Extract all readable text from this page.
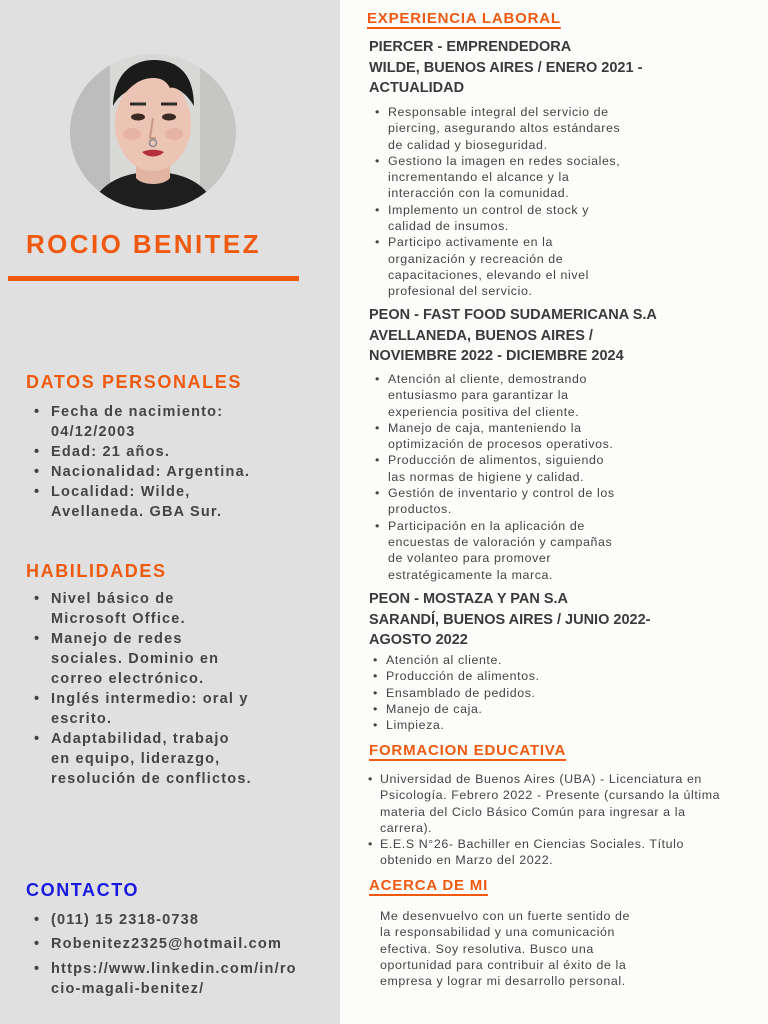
ROCIO BENITEZ
DATOS PERSONALES
• Fecha de nacimiento:
04/12/2003
• Edad: 21 años.
• Nacionalidad: Argentina.
• Localidad: Wilde,
Avellaneda. GBA Sur.
HABILIDADES
• Nivel básico de
Microsoft Office.
• Manejo de redes
sociales. Dominio en
correo electrónico.
• Inglés intermedio: oral y
escrito.
• Adaptabilidad, trabajo
en equipo, liderazgo,
resolución de conflictos.
CONTACTO
• (011) 15 2318-0738
• Robenitez2325@hotmail.com
• https://www.linkedin.com/in/ro
cio-magali-benitez/
EXPERIENCIA LABORAL
PIERCER - EMPRENDEDORA
WILDE, BUENOS AIRES / ENERO 2021 -
ACTUALIDAD
• Responsable integral del servicio de
piercing, asegurando altos estándares
de calidad y bioseguridad.
• Gestiono la imagen en redes sociales,
incrementando el alcance y la
interacción con la comunidad.
• Implemento un control de stock y
calidad de insumos.
• Participo activamente en la
organización y recreación de
capacitaciones, elevando el nivel
profesional del servicio.
PEON - FAST FOOD SUDAMERICANA S.A
AVELLANEDA, BUENOS AIRES /
NOVIEMBRE 2022 - DICIEMBRE 2024
• Atención al cliente, demostrando
entusiasmo para garantizar la
experiencia positiva del cliente.
• Manejo de caja, manteniendo la
optimización de procesos operativos.
• Producción de alimentos, siguiendo
las normas de higiene y calidad.
• Gestión de inventario y control de los
productos.
• Participación en la aplicación de
encuestas de valoración y campañas
de volanteo para promover
estratégicamente la marca.
PEON - MOSTAZA Y PAN S.A
SARANDÍ, BUENOS AIRES / JUNIO 2022-
AGOSTO 2022
• Atención al cliente.
• Producción de alimentos.
• Ensamblado de pedidos.
• Manejo de caja.
• Limpieza.
FORMACION EDUCATIVA
• Universidad de Buenos Aires (UBA) - Licenciatura en
Psicología. Febrero 2022 - Presente (cursando la última
materia del Ciclo Básico Común para ingresar a la
carrera).
• E.E.S N°26- Bachiller en Ciencias Sociales. Título
obtenido en Marzo del 2022.
ACERCA DE MI
Me desenvuelvo con un fuerte sentido de
la responsabilidad y una comunicación
efectiva. Soy resolutiva. Busco una
oportunidad para contribuir al éxito de la
empresa y lograr mi desarrollo personal.
